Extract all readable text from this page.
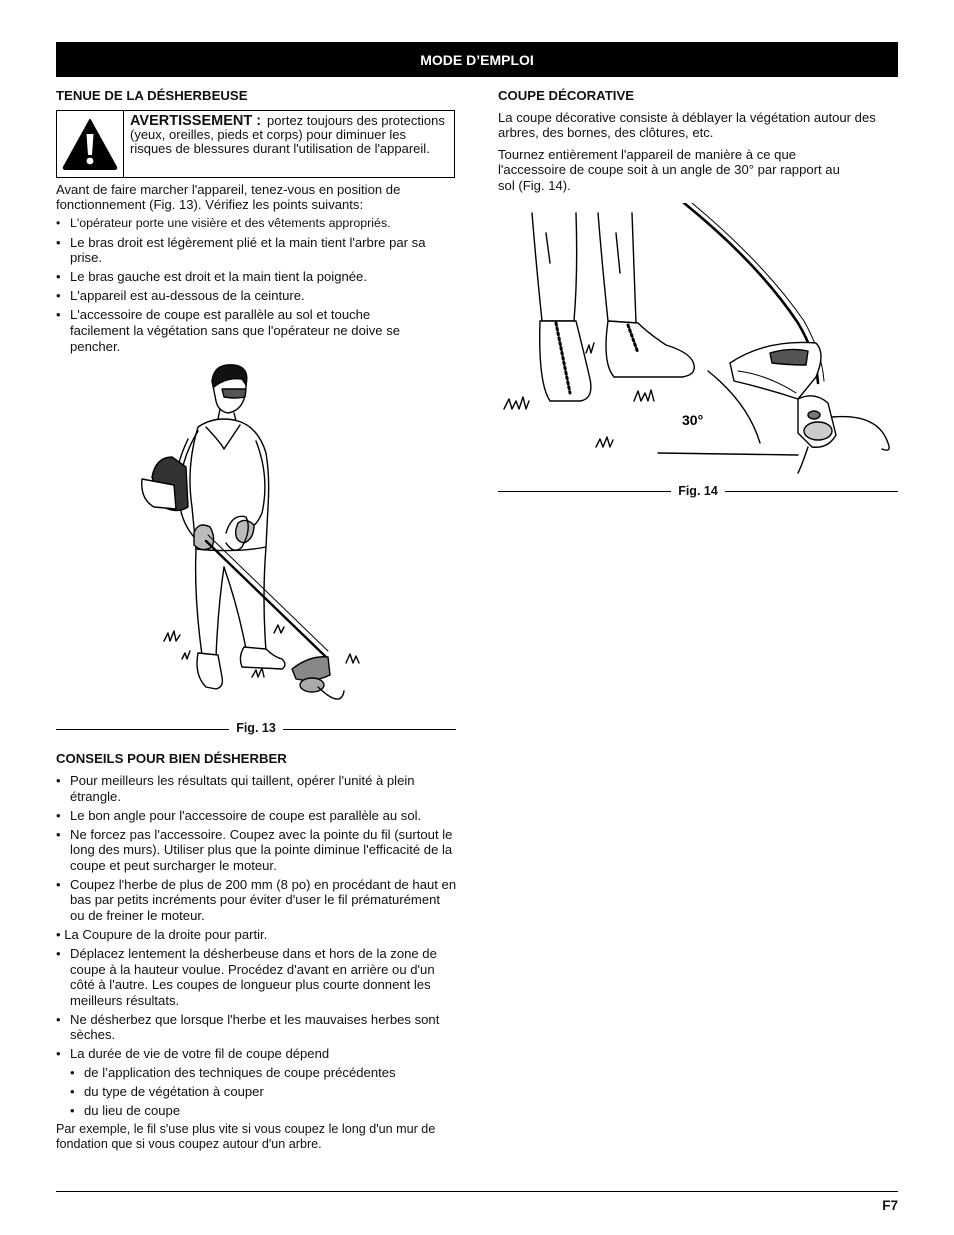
MODE D’EMPLOI
TENUE DE LA DÉSHERBEUSE
AVERTISSEMENT : portez toujours des protections (yeux, oreilles, pieds et corps) pour diminuer les risques de blessures durant l'utilisation de l'appareil.

Avant de faire marcher l'appareil, tenez-vous en position de fonctionnement (Fig. 13). Vérifiez les points suivants:

• L'opérateur porte une visière et des vêtements appropriés.
• Le bras droit est légèrement plié et la main tient l'arbre par sa prise.
• Le bras gauche est droit et la main tient la poignée.
• L'appareil est au-dessous de la ceinture.
• L'accessoire de coupe est parallèle au sol et touche facilement la végétation sans que l'opérateur ne doive se pencher.
Fig. 13
CONSEILS POUR BIEN DÉSHERBER
• Pour meilleurs les résultats qui taillent, opérer l'unité à plein étrangle.
• Le bon angle pour l'accessoire de coupe est parallèle au sol.
• Ne forcez pas l'accessoire. Coupez avec la pointe du fil (surtout le long des murs). Utiliser plus que la pointe diminue l'efficacité de la coupe et peut surcharger le moteur.
• Coupez l'herbe de plus de 200 mm (8 po) en procédant de haut en bas par petits incréments pour éviter d'user le fil prématurément ou de freiner le moteur.
• La Coupure de la droite pour partir.
• Déplacez lentement la désherbeuse dans et hors de la zone de coupe à la hauteur voulue. Procédez d'avant en arrière ou d'un côté à l'autre. Les coupes de longueur plus courte donnent les meilleurs résultats.
• Ne désherbez que lorsque l'herbe et les mauvaises herbes sont sèches.
• La durée de vie de votre fil de coupe dépend
• de l’application des techniques de coupe précédentes
• du type de végétation à couper
• du lieu de coupe

Par exemple, le fil s'use plus vite si vous coupez le long d'un mur de fondation que si vous coupez autour d'un arbre.

COUPE DÉCORATIVE

La coupe décorative consiste à déblayer la végétation autour des arbres, des bornes, des clôtures, etc.

Tournez entièrement l'appareil de manière à ce que l'accessoire de coupe soit à un angle de 30° par rapport au sol (Fig. 14).

30°
Fig. 14
F7
